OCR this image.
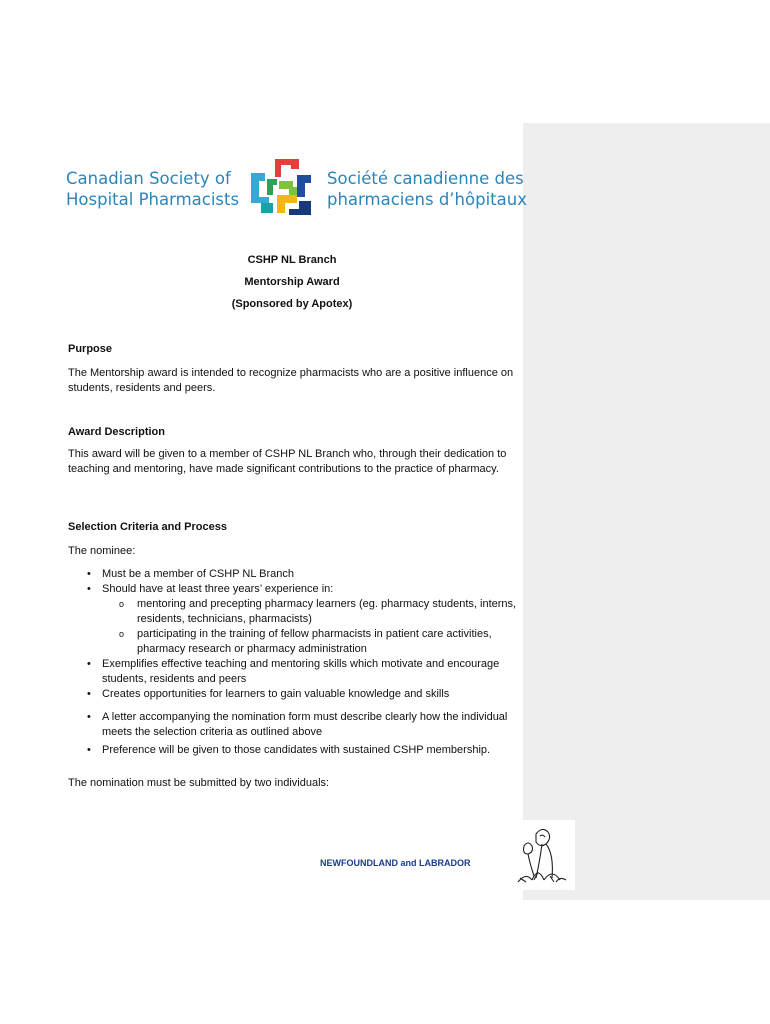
Canadian Society of
Hospital Pharmacists
Société canadienne des
pharmaciens d’hôpitaux
CSHP NL Branch
Mentorship Award
(Sponsored by Apotex)
Purpose

The Mentorship award is intended to recognize pharmacists who are a positive influence on students, residents and peers.

Award Description

This award will be given to a member of CSHP NL Branch who, through their dedication to teaching and mentoring, have made significant contributions to the practice of pharmacy.

Selection Criteria and Process

The nominee:

• Must be a member of CSHP NL Branch
• Should have at least three years’ experience in:
o mentoring and precepting pharmacy learners (eg. pharmacy students, interns, residents, technicians, pharmacists)
o participating in the training of fellow pharmacists in patient care activities, pharmacy research or pharmacy administration
• Exemplifies effective teaching and mentoring skills which motivate and encourage students, residents and peers
• Creates opportunities for learners to gain valuable knowledge and skills
• A letter accompanying the nomination form must describe clearly how the individual meets the selection criteria as outlined above
• Preference will be given to those candidates with sustained CSHP membership.

The nomination must be submitted by two individuals:

NEWFOUNDLAND and LABRADOR
